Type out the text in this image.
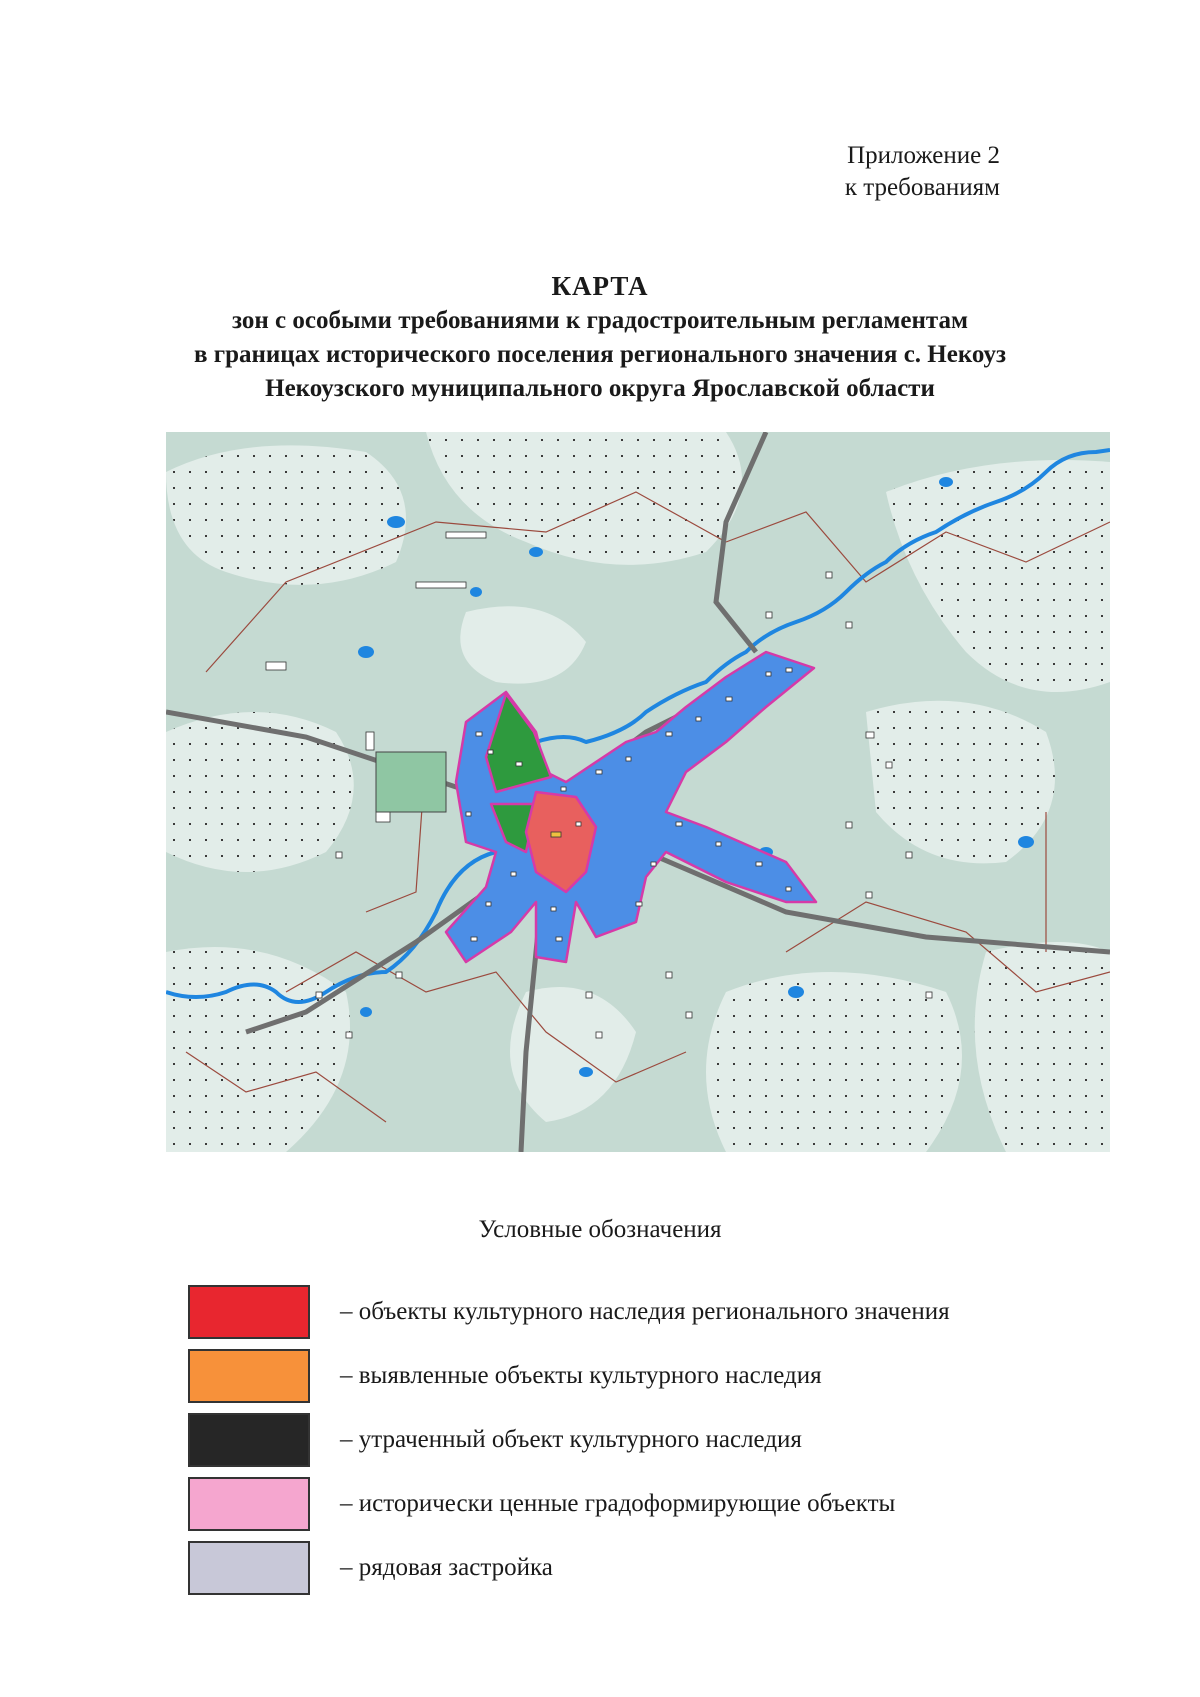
Приложение 2
к требованиям
КАРТА
зон с особыми требованиями к градостроительным регламентам
в границах исторического поселения регионального значения с. Некоуз
Некоузского муниципального округа Ярославской области
Условные обозначения
– объекты культурного наследия регионального значения
– выявленные объекты культурного наследия
– утраченный объект культурного наследия
– исторически ценные градоформирующие объекты
– рядовая застройка
